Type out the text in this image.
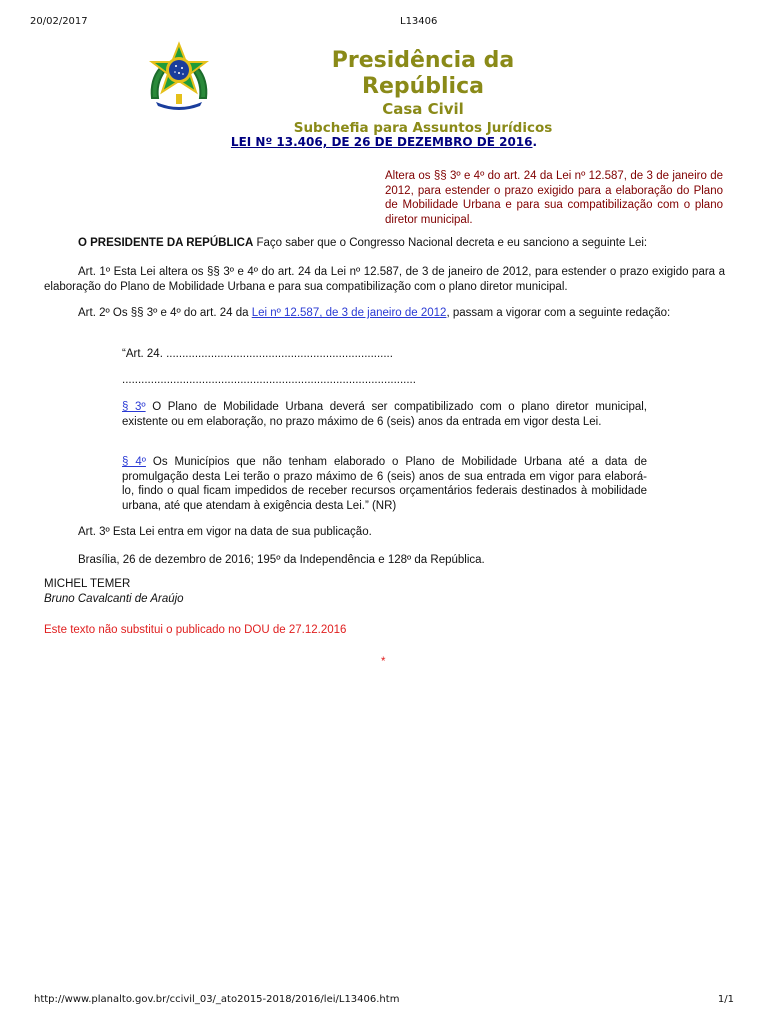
20/02/2017	L13406
Presidência da República
Casa Civil
Subchefia para Assuntos Jurídicos
LEI Nº 13.406, DE 26 DE DEZEMBRO DE 2016.
Altera os §§ 3º e 4º do art. 24 da Lei nº 12.587, de 3 de janeiro de 2012, para estender o prazo exigido para a elaboração do Plano de Mobilidade Urbana e para sua compatibilização com o plano diretor municipal.

O PRESIDENTE DA REPÚBLICA Faço saber que o Congresso Nacional decreta e eu sanciono a seguinte Lei:

Art. 1º Esta Lei altera os §§ 3º e 4º do art. 24 da Lei nº 12.587, de 3 de janeiro de 2012, para estender o prazo exigido para a elaboração do Plano de Mobilidade Urbana e para sua compatibilização com o plano diretor municipal.

Art. 2º Os §§ 3º e 4º do art. 24 da Lei nº 12.587, de 3 de janeiro de 2012, passam a vigorar com a seguinte redação:

“Art. 24. .......................................................................
............................................................................................

§ 3º O Plano de Mobilidade Urbana deverá ser compatibilizado com o plano diretor municipal, existente ou em elaboração, no prazo máximo de 6 (seis) anos da entrada em vigor desta Lei.

§ 4º Os Municípios que não tenham elaborado o Plano de Mobilidade Urbana até a data de promulgação desta Lei terão o prazo máximo de 6 (seis) anos de sua entrada em vigor para elaborá-lo, findo o qual ficam impedidos de receber recursos orçamentários federais destinados à mobilidade urbana, até que atendam à exigência desta Lei.” (NR)

Art. 3º Esta Lei entra em vigor na data de sua publicação.

Brasília, 26 de dezembro de 2016; 195º da Independência e 128º da República.

MICHEL TEMER
Bruno Cavalcanti de Araújo
Este texto não substitui o publicado no DOU de 27.12.2016
*
http://www.planalto.gov.br/ccivil_03/_ato2015-2018/2016/lei/L13406.htm	1/1
